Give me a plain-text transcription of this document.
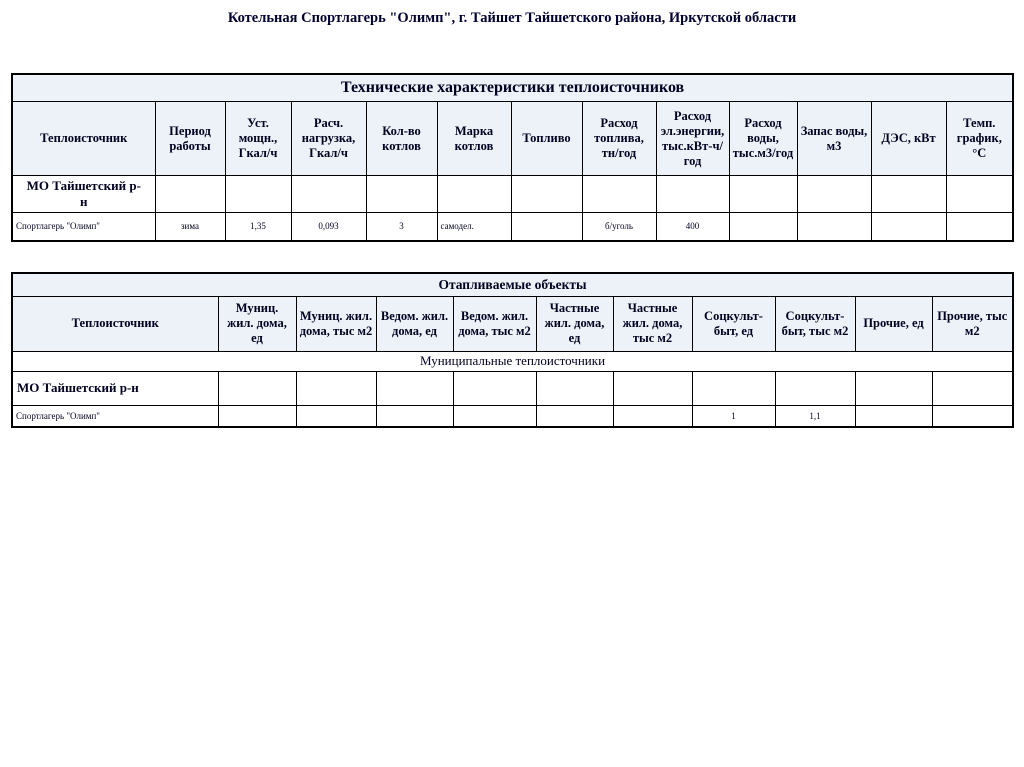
Котельная Спортлагерь "Олимп", г. Тайшет Тайшетского района, Иркутской области
Технические характеристики теплоисточников												
Теплоисточник	Период работы	Уст. мощн., Гкал/ч	Расч. нагрузка, Гкал/ч	Кол-во котлов	Марка котлов	Топливо	Расход топлива, тн/год	Расход эл.энергии, тыс.кВт-ч/год	Расход воды, тыс.м3/год	Запас воды, м3	ДЭС, кВт	Темп. график, °С
МО Тайшетский р-н												
Спортлагерь "Олимп"	зима	1,35	0,093	3	самодел.		б/уголь	400				
Отапливаемые объекты										
Теплоисточник	Муниц. жил. дома, ед	Муниц. жил. дома, тыс м2	Ведом. жил. дома, ед	Ведом. жил. дома, тыс м2	Частные жил. дома, ед	Частные жил. дома, тыс м2	Соцкульт-быт, ед	Соцкульт-быт, тыс м2	Прочие, ед	Прочие, тыс м2
Муниципальные теплоисточники										
МО Тайшетский р-н										
Спортлагерь "Олимп"							1	1,1		
